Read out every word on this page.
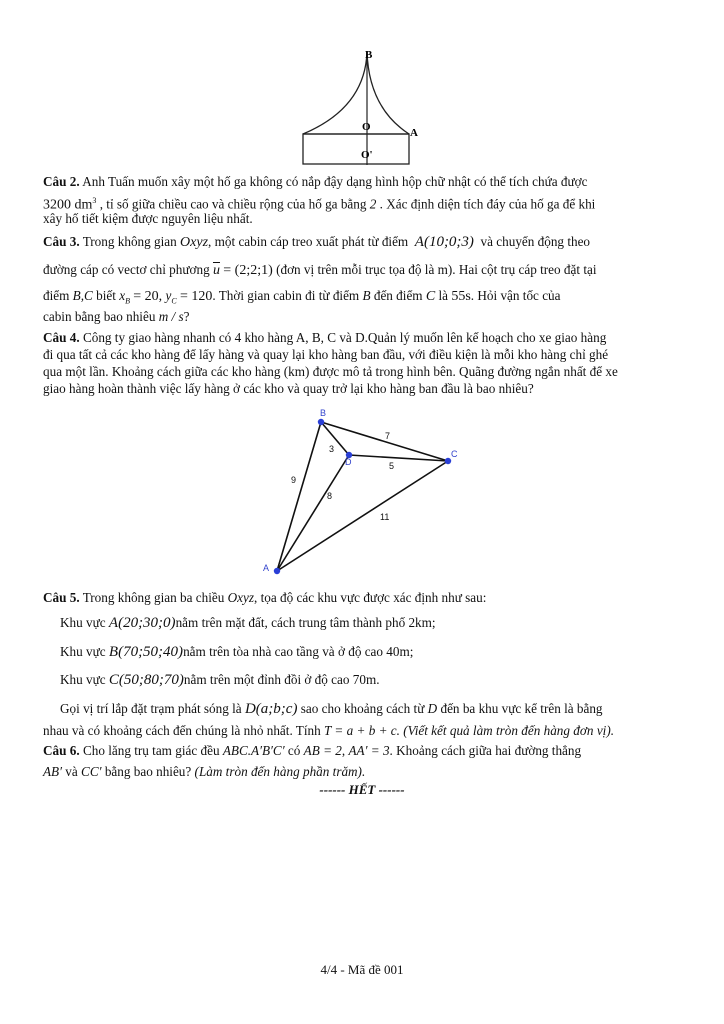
B
O	A
O'
Câu 2. Anh Tuấn muốn xây một hố ga không có nắp đậy dạng hình hộp chữ nhật có thể tích chứa được
3200 $dm^3$ , tỉ số giữa chiều cao và chiều rộng của hố ga bằng 2 . Xác định diện tích đáy của hố ga để khi
xây hố tiết kiệm được nguyên liệu nhất.
Câu 3. Trong không gian Oxyz, một cabin cáp treo xuất phát từ điểm A(10;0;3) và chuyển động theo
đường cáp có vectơ chỉ phương $\overline{u}$ = (2;2;1) (đơn vị trên mỗi trục tọa độ là m). Hai cột trụ cáp treo đặt tại
điểm B,C biết $x_B = 20$, $y_C = 120$. Thời gian cabin đi từ điểm B đến điểm C là 55s. Hỏi vận tốc của
cabin bằng bao nhiêu m / s?
Câu 4. Công ty giao hàng nhanh có 4 kho hàng A, B, C và D.Quản lý muốn lên kế hoạch cho xe giao hàng
đi qua tất cả các kho hàng để lấy hàng và quay lại kho hàng ban đầu, với điều kiện là mỗi kho hàng chỉ ghé
qua một lần. Khoảng cách giữa các kho hàng (km) được mô tả trong hình bên. Quãng đường ngắn nhất để xe
giao hàng hoàn thành việc lấy hàng ở các kho và quay trở lại kho hàng ban đầu là bao nhiêu?
B
D
C
A
3
7
9
8
5
11
Câu 5. Trong không gian ba chiều Oxyz, tọa độ các khu vực được xác định như sau:
Khu vực A(20;30;0)nằm trên mặt đất, cách trung tâm thành phố 2km;
Khu vực B(70;50;40)nằm trên tòa nhà cao tầng và ở độ cao 40m;
Khu vực C(50;80;70)nằm trên một đỉnh đồi ở độ cao 70m.
Gọi vị trí lắp đặt trạm phát sóng là D(a;b;c) sao cho khoảng cách từ D đến ba khu vực kể trên là bằng
nhau và có khoảng cách đến chúng là nhỏ nhất. Tính T = a + b + c. (Viết kết quả làm tròn đến hàng đơn vị).
Câu 6. Cho lăng trụ tam giác đều ABC.A′B′C′ có AB = 2, AA′ = 3. Khoảng cách giữa hai đường thẳng
AB′ và CC′ bằng bao nhiêu? (Làm tròn đến hàng phần trăm).
------ HẾT ------
4/4 - Mã đề 001
